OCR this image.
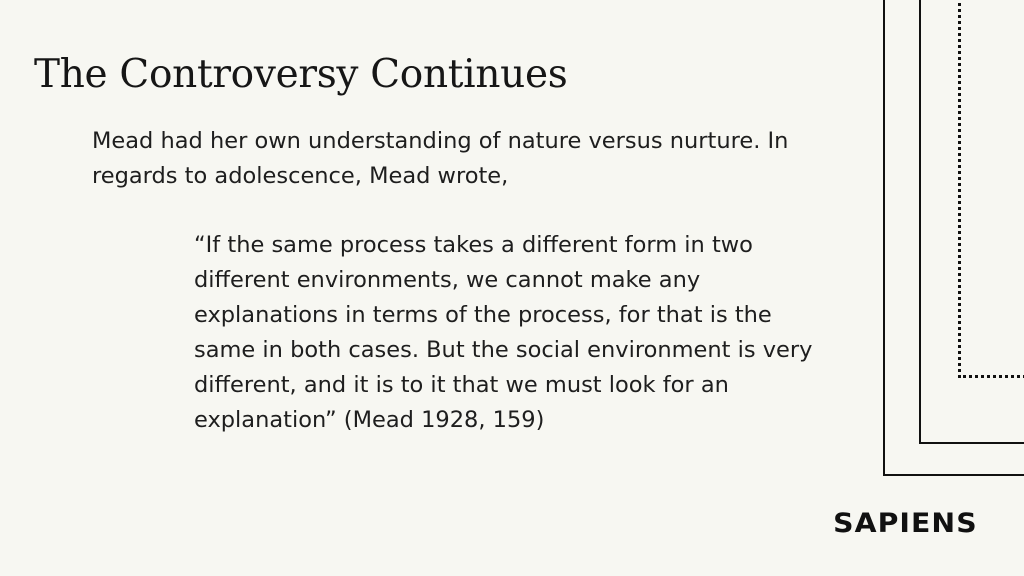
The Controversy Continues

Mead had her own understanding of nature versus nurture. In regards to adolescence, Mead wrote,

“If the same process takes a different form in two different environments, we cannot make any explanations in terms of the process, for that is the same in both cases. But the social environment is very different, and it is to it that we must look for an explanation” (Mead 1928, 159)

SAPIENS
